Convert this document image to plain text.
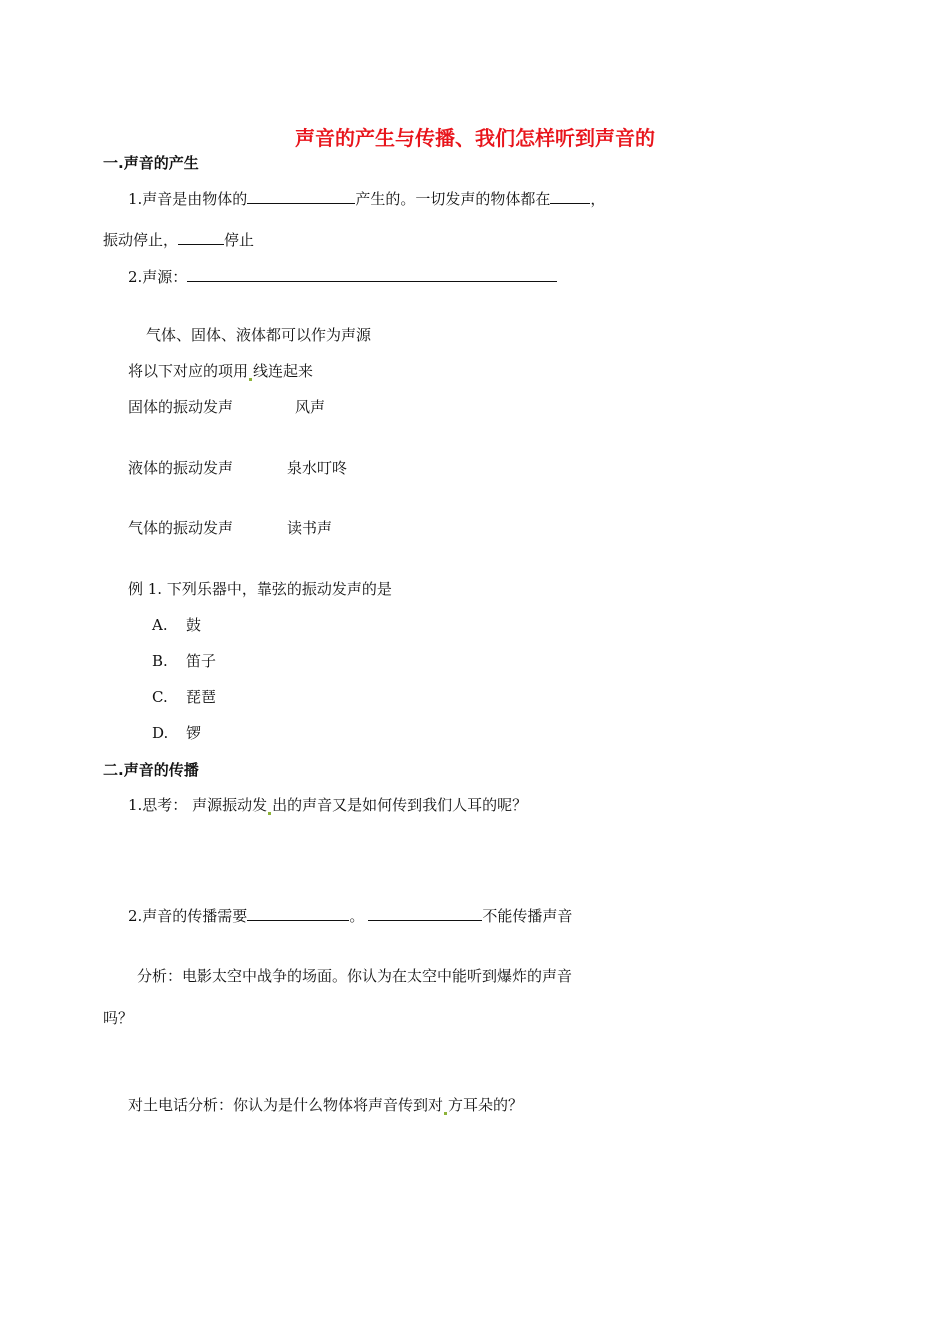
声音的产生与传播、我们怎样听到声音的
一.声音的产生
1.声音是由物体的	产生的。一切发声的物体都在	，
振动停止，	停止
2.声源：
气体、固体、液体都可以作为声源
将以下对应的项用 线连起来
固体的振动发声	风声
液体的振动发声	泉水叮咚
气体的振动发声	读书声
例 1. 下列乐器中，靠弦的振动发声的是
A. 鼓
B. 笛子
C. 琵琶
D. 锣
二.声音的传播
1.思考： 声源振动发 出的声音又是如何传到我们人耳的呢？
2.声音的传播需要	。	不能传播声音
分析：电影太空中战争的场面。你认为在太空中能听到爆炸的声音
吗？
对土电话分析：你认为是什么物体将声音传到对 方耳朵的？
